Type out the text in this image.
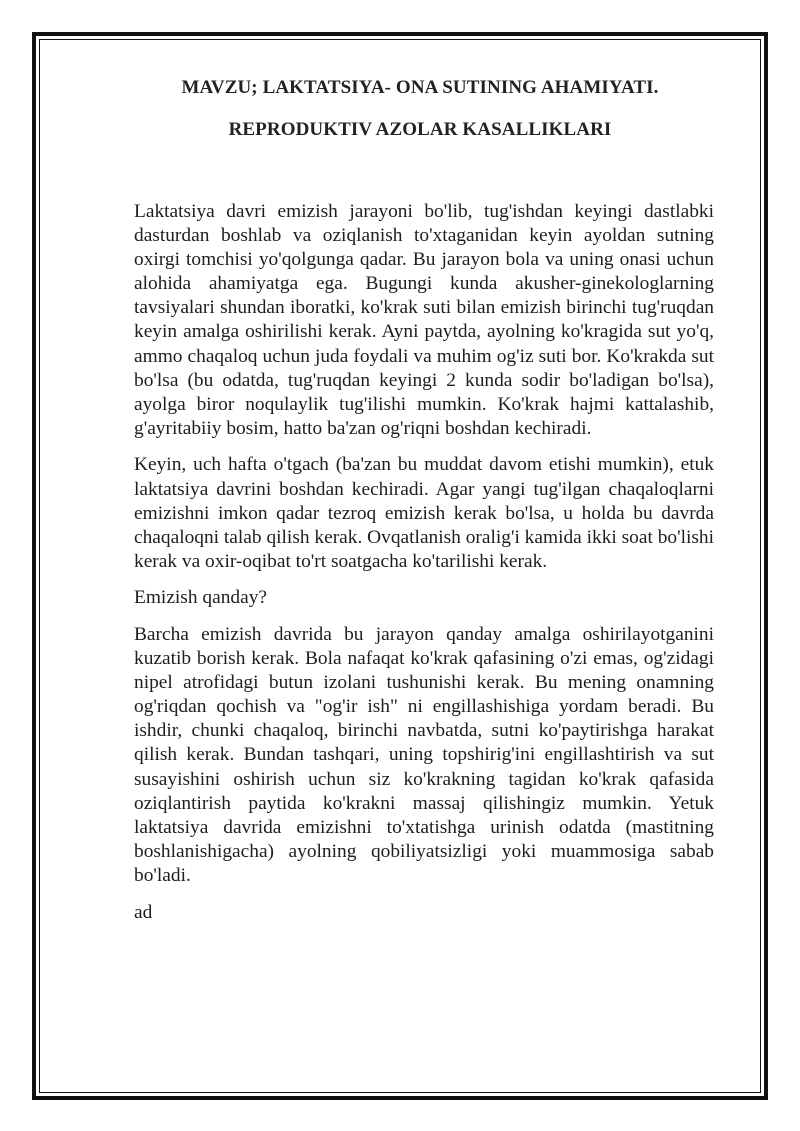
MAVZU; LAKTATSIYA- ONA SUTINING AHAMIYATI.
REPRODUKTIV AZOLAR KASALLIKLARI

Laktatsiya davri emizish jarayoni bo'lib, tug'ishdan keyingi dastlabki dasturdan boshlab va oziqlanish to'xtaganidan keyin ayoldan sutning oxirgi tomchisi yo'qolgunga qadar. Bu jarayon bola va uning onasi uchun alohida ahamiyatga ega. Bugungi kunda akusher-ginekologlarning tavsiyalari shundan iboratki, ko'krak suti bilan emizish birinchi tug'ruqdan keyin amalga oshirilishi kerak. Ayni paytda, ayolning ko'kragida sut yo'q, ammo chaqaloq uchun juda foydali va muhim og'iz suti bor. Ko'krakda sut bo'lsa (bu odatda, tug'ruqdan keyingi 2 kunda sodir bo'ladigan bo'lsa), ayolga biror noqulaylik tug'ilishi mumkin. Ko'krak hajmi kattalashib, g'ayritabiiy bosim, hatto ba'zan og'riqni boshdan kechiradi.

Keyin, uch hafta o'tgach (ba'zan bu muddat davom etishi mumkin), etuk laktatsiya davrini boshdan kechiradi. Agar yangi tug'ilgan chaqaloqlarni emizishni imkon qadar tezroq emizish kerak bo'lsa, u holda bu davrda chaqaloqni talab qilish kerak. Ovqatlanish oralig'i kamida ikki soat bo'lishi kerak va oxir-oqibat to'rt soatgacha ko'tarilishi kerak.

Emizish qanday?

Barcha emizish davrida bu jarayon qanday amalga oshirilayotganini kuzatib borish kerak. Bola nafaqat ko'krak qafasining o'zi emas, og'zidagi nipel atrofidagi butun izolani tushunishi kerak. Bu mening onamning og'riqdan qochish va "og'ir ish" ni engillashishiga yordam beradi. Bu ishdir, chunki chaqaloq, birinchi navbatda, sutni ko'paytirishga harakat qilish kerak. Bundan tashqari, uning topshirig'ini engillashtirish va sut susayishini oshirish uchun siz ko'krakning tagidan ko'krak qafasida oziqlantirish paytida ko'krakni massaj qilishingiz mumkin. Yetuk laktatsiya davrida emizishni to'xtatishga urinish odatda (mastitning boshlanishigacha) ayolning qobiliyatsizligi yoki muammosiga sabab bo'ladi.

ad
